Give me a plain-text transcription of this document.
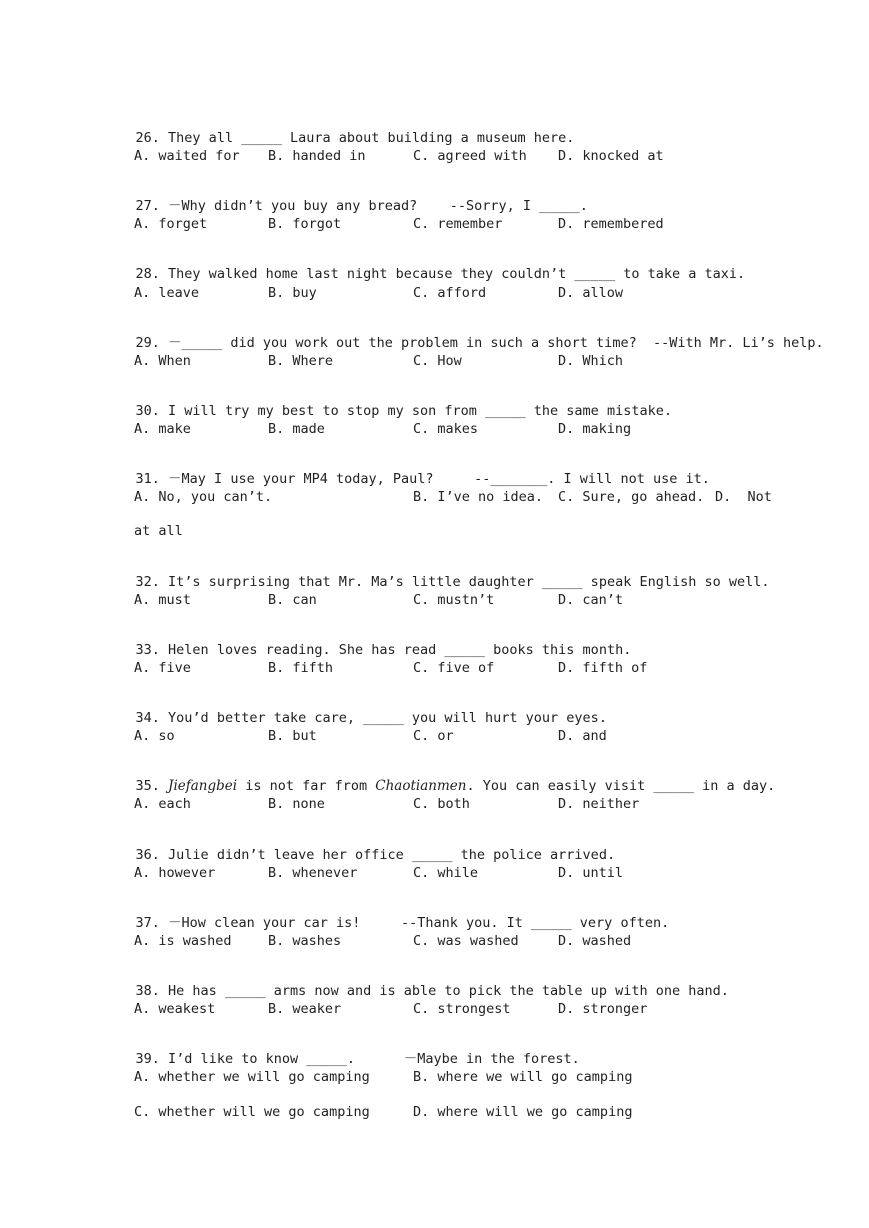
26. They all _____ Laura about building a museum here.

A. waited for B. handed in	C. agreed with D. knocked at

27. －Why didn’t you buy any bread?    --Sorry, I _____.

A. forget	B. forgot	C. remember	D. remembered

28. They walked home last night because they couldn’t _____ to take a taxi.

A. leave	B. buy	C. afford	D. allow

29. －_____ did you work out the problem in such a short time?  --With Mr. Li’s help.

A. When	B. Where	C. How	D. Which

30. I will try my best to stop my son from _____ the same mistake.

A. make	B. made	C. makes	D. making

31. －May I use your MP4 today, Paul?     --_______. I will not use it.

A. No, you can’t.	B. I’ve no idea. C. Sure, go ahead. D.  Not
at all

32. It’s surprising that Mr. Ma’s little daughter _____ speak English so well.

A. must	B. can	C. mustn’t	D. can’t

33. Helen loves reading. She has read _____ books this month.

A. five	B. fifth	C. five of	D. fifth of

34. You’d better take care, _____ you will hurt your eyes.

A. so	B. but	C. or	D. and

35. Jiefangbei is not far from Chaotianmen. You can easily visit _____ in a day.

A. each	B. none	C. both	D. neither

36. Julie didn’t leave her office _____ the police arrived.

A. however	B. whenever	C. while	D. until

37. －How clean your car is!     --Thank you. It _____ very often.

A. is washed	B. washes	C. was washed	D. washed

38. He has _____ arms now and is able to pick the table up with one hand.

A. weakest	B. weaker	C. strongest	D. stronger

39. I’d like to know _____.      －Maybe in the forest.

A. whether we will go camping	B. where we will go camping
C. whether will we go camping	D. where will we go camping
